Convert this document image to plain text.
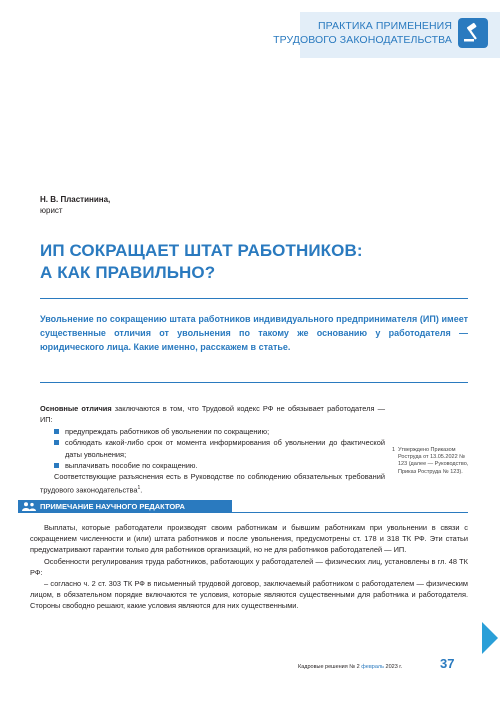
ПРАКТИКА ПРИМЕНЕНИЯ
ТРУДОВОГО ЗАКОНОДАТЕЛЬСТВА
Н. В. Пластинина,
юрист
ИП СОКРАЩАЕТ ШТАТ РАБОТНИКОВ:
А КАК ПРАВИЛЬНО?
Увольнение по сокращению штата работников индивидуального предпринимателя (ИП) имеет существенные отличия от увольнения по такому же основанию у работодателя — юридического лица. Какие именно, расскажем в статье.

Основные отличия заключаются в том, что Трудовой кодекс РФ не обязывает работодателя — ИП:

предупреждать работников об увольнении по сокращению;
соблюдать какой-либо срок от момента информирования об увольнении до фактической даты увольнения;
выплачивать пособие по сокращению.

Соответствующие разъяснения есть в Руководстве по соблюдению обязательных требований трудового законодательства$^1$.

1 Утверждено Приказом Роструда от 13.05.2022 № 123 (далее — Руководство, Приказ Роструда № 123).
ПРИМЕЧАНИЕ НАУЧНОГО РЕДАКТОРА

Выплаты, которые работодатели производят своим работникам и бывшим работникам при увольнении в связи с сокращением численности и (или) штата работников и после увольнения, предусмотрены ст. 178 и 318 ТК РФ. Эти статьи предусматривают гарантии только для работников организаций, но не для работников работодателей — ИП.

Особенности регулирования труда работников, работающих у работодателей — физических лиц, установлены в гл. 48 ТК РФ:

– согласно ч. 2 ст. 303 ТК РФ в письменный трудовой договор, заключаемый работником с работодателем — физическим лицом, в обязательном порядке включаются те условия, которые являются существенными для работника и работодателя. Стороны свободно решают, какие условия являются для них существенными.

Кадровые решения № 2 февраль 2023 г.	37
